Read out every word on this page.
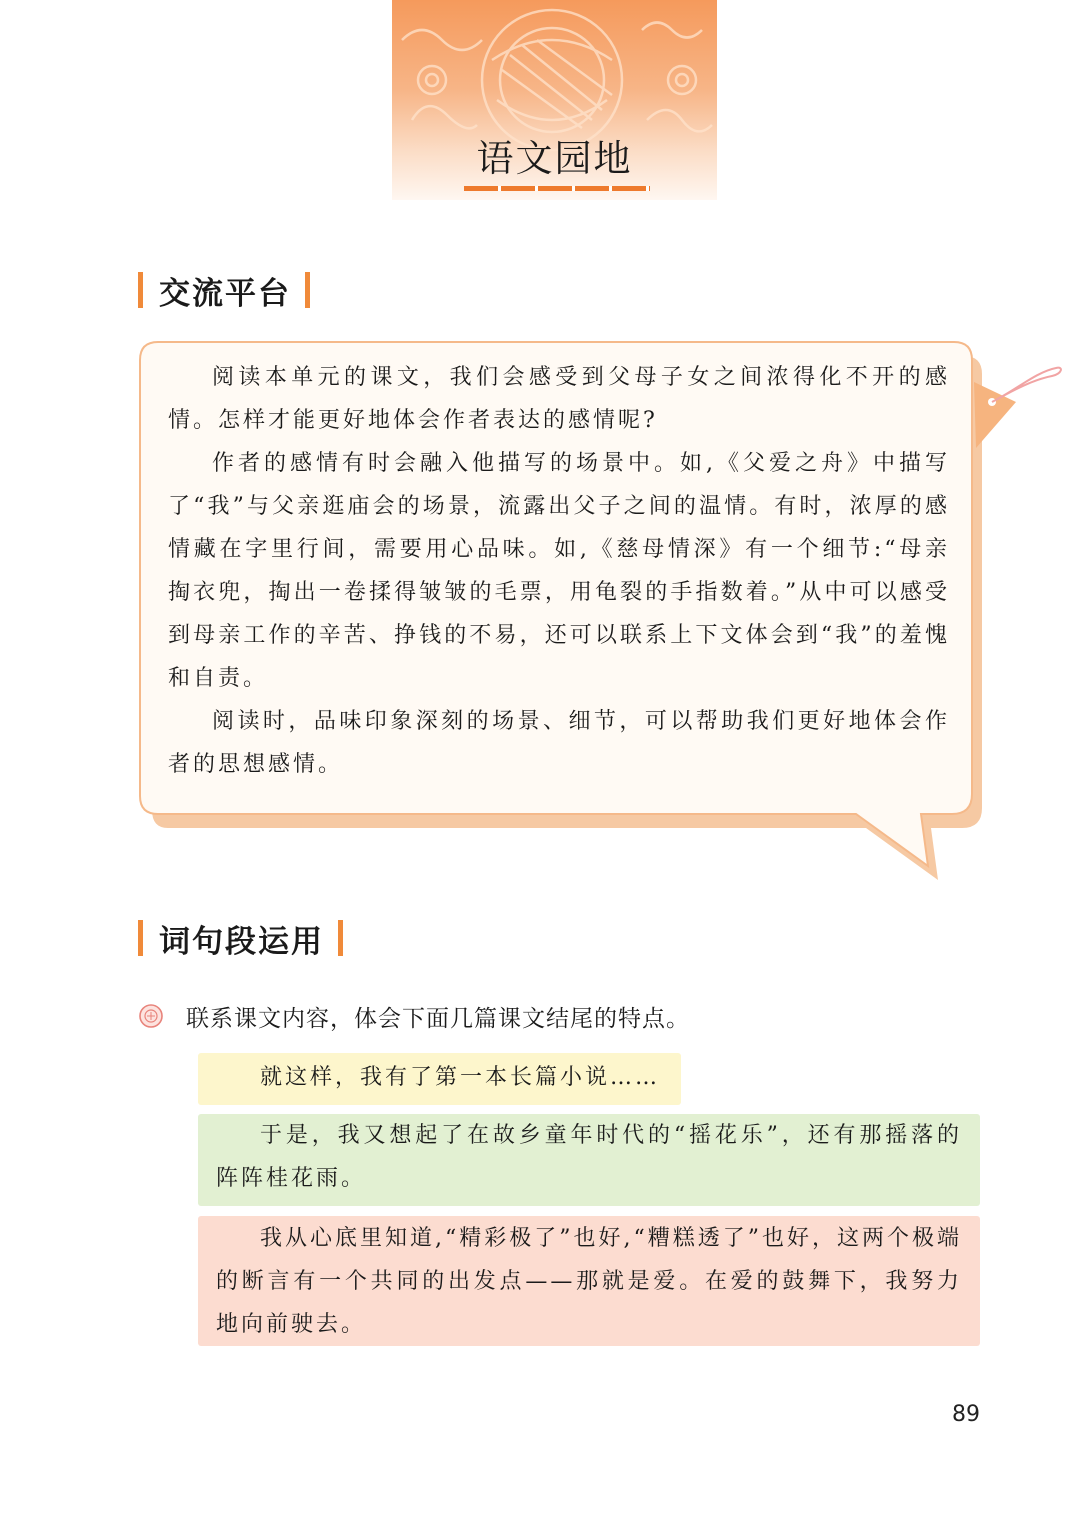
语文园地
交流平台

阅读本单元的课文，我们会感受到父母子女之间浓得化不开的感情。怎样才能更好地体会作者表达的感情呢?

作者的感情有时会融入他描写的场景中。如,《父爱之舟》中描写了“我”与父亲逛庙会的场景，流露出父子之间的温情。有时，浓厚的感情藏在字里行间，需要用心品味。如,《慈母情深》有一个细节:“母亲掏衣兜，掏出一卷揉得皱皱的毛票，用龟裂的手指数着。”从中可以感受到母亲工作的辛苦、挣钱的不易，还可以联系上下文体会到“我”的羞愧和自责。

阅读时，品味印象深刻的场景、细节，可以帮助我们更好地体会作者的思想感情。

词句段运用
联系课文内容，体会下面几篇课文结尾的特点。

就这样，我有了第一本长篇小说……

于是，我又想起了在故乡童年时代的“摇花乐”，还有那摇落的阵阵桂花雨。

我从心底里知道,“精彩极了”也好,“糟糕透了”也好，这两个极端的断言有一个共同的出发点——那就是爱。在爱的鼓舞下，我努力地向前驶去。

89
